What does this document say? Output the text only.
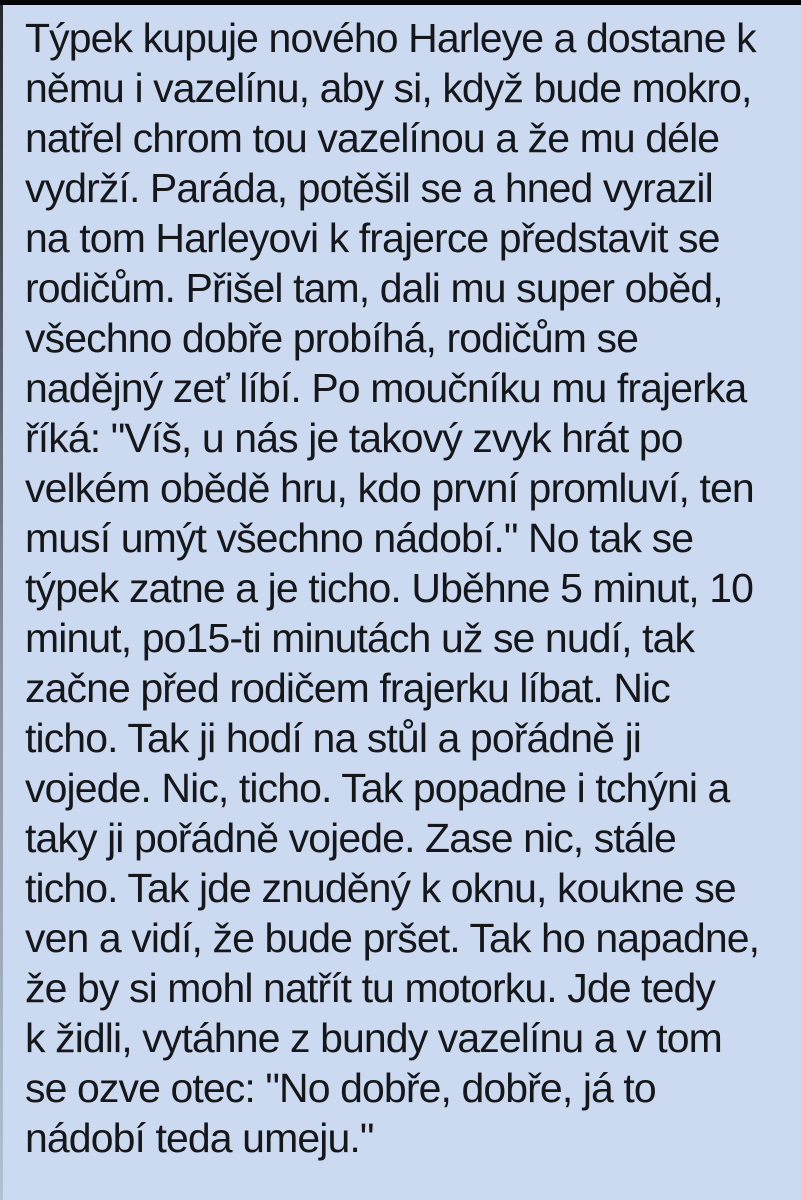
Týpek kupuje nového Harleye a dostane k
němu i vazelínu, aby si, když bude mokro,
natřel chrom tou vazelínou a že mu déle
vydrží. Paráda, potěšil se a hned vyrazil
na tom Harleyovi k frajerce představit se
rodičům. Přišel tam, dali mu super oběd,
všechno dobře probíhá, rodičům se
nadějný zeť líbí. Po moučníku mu frajerka
říká: "Víš, u nás je takový zvyk hrát po
velkém obědě hru, kdo první promluví, ten
musí umýt všechno nádobí." No tak se
týpek zatne a je ticho. Uběhne 5 minut, 10
minut, po15-ti minutách už se nudí, tak
začne před rodičem frajerku líbat. Nic
ticho. Tak ji hodí na stůl a pořádně ji
vojede. Nic, ticho. Tak popadne i tchýni a
taky ji pořádně vojede. Zase nic, stále
ticho. Tak jde znuděný k oknu, koukne se
ven a vidí, že bude pršet. Tak ho napadne,
že by si mohl natřít tu motorku. Jde tedy
k židli, vytáhne z bundy vazelínu a v tom
se ozve otec: "No dobře, dobře, já to
nádobí teda umeju."
